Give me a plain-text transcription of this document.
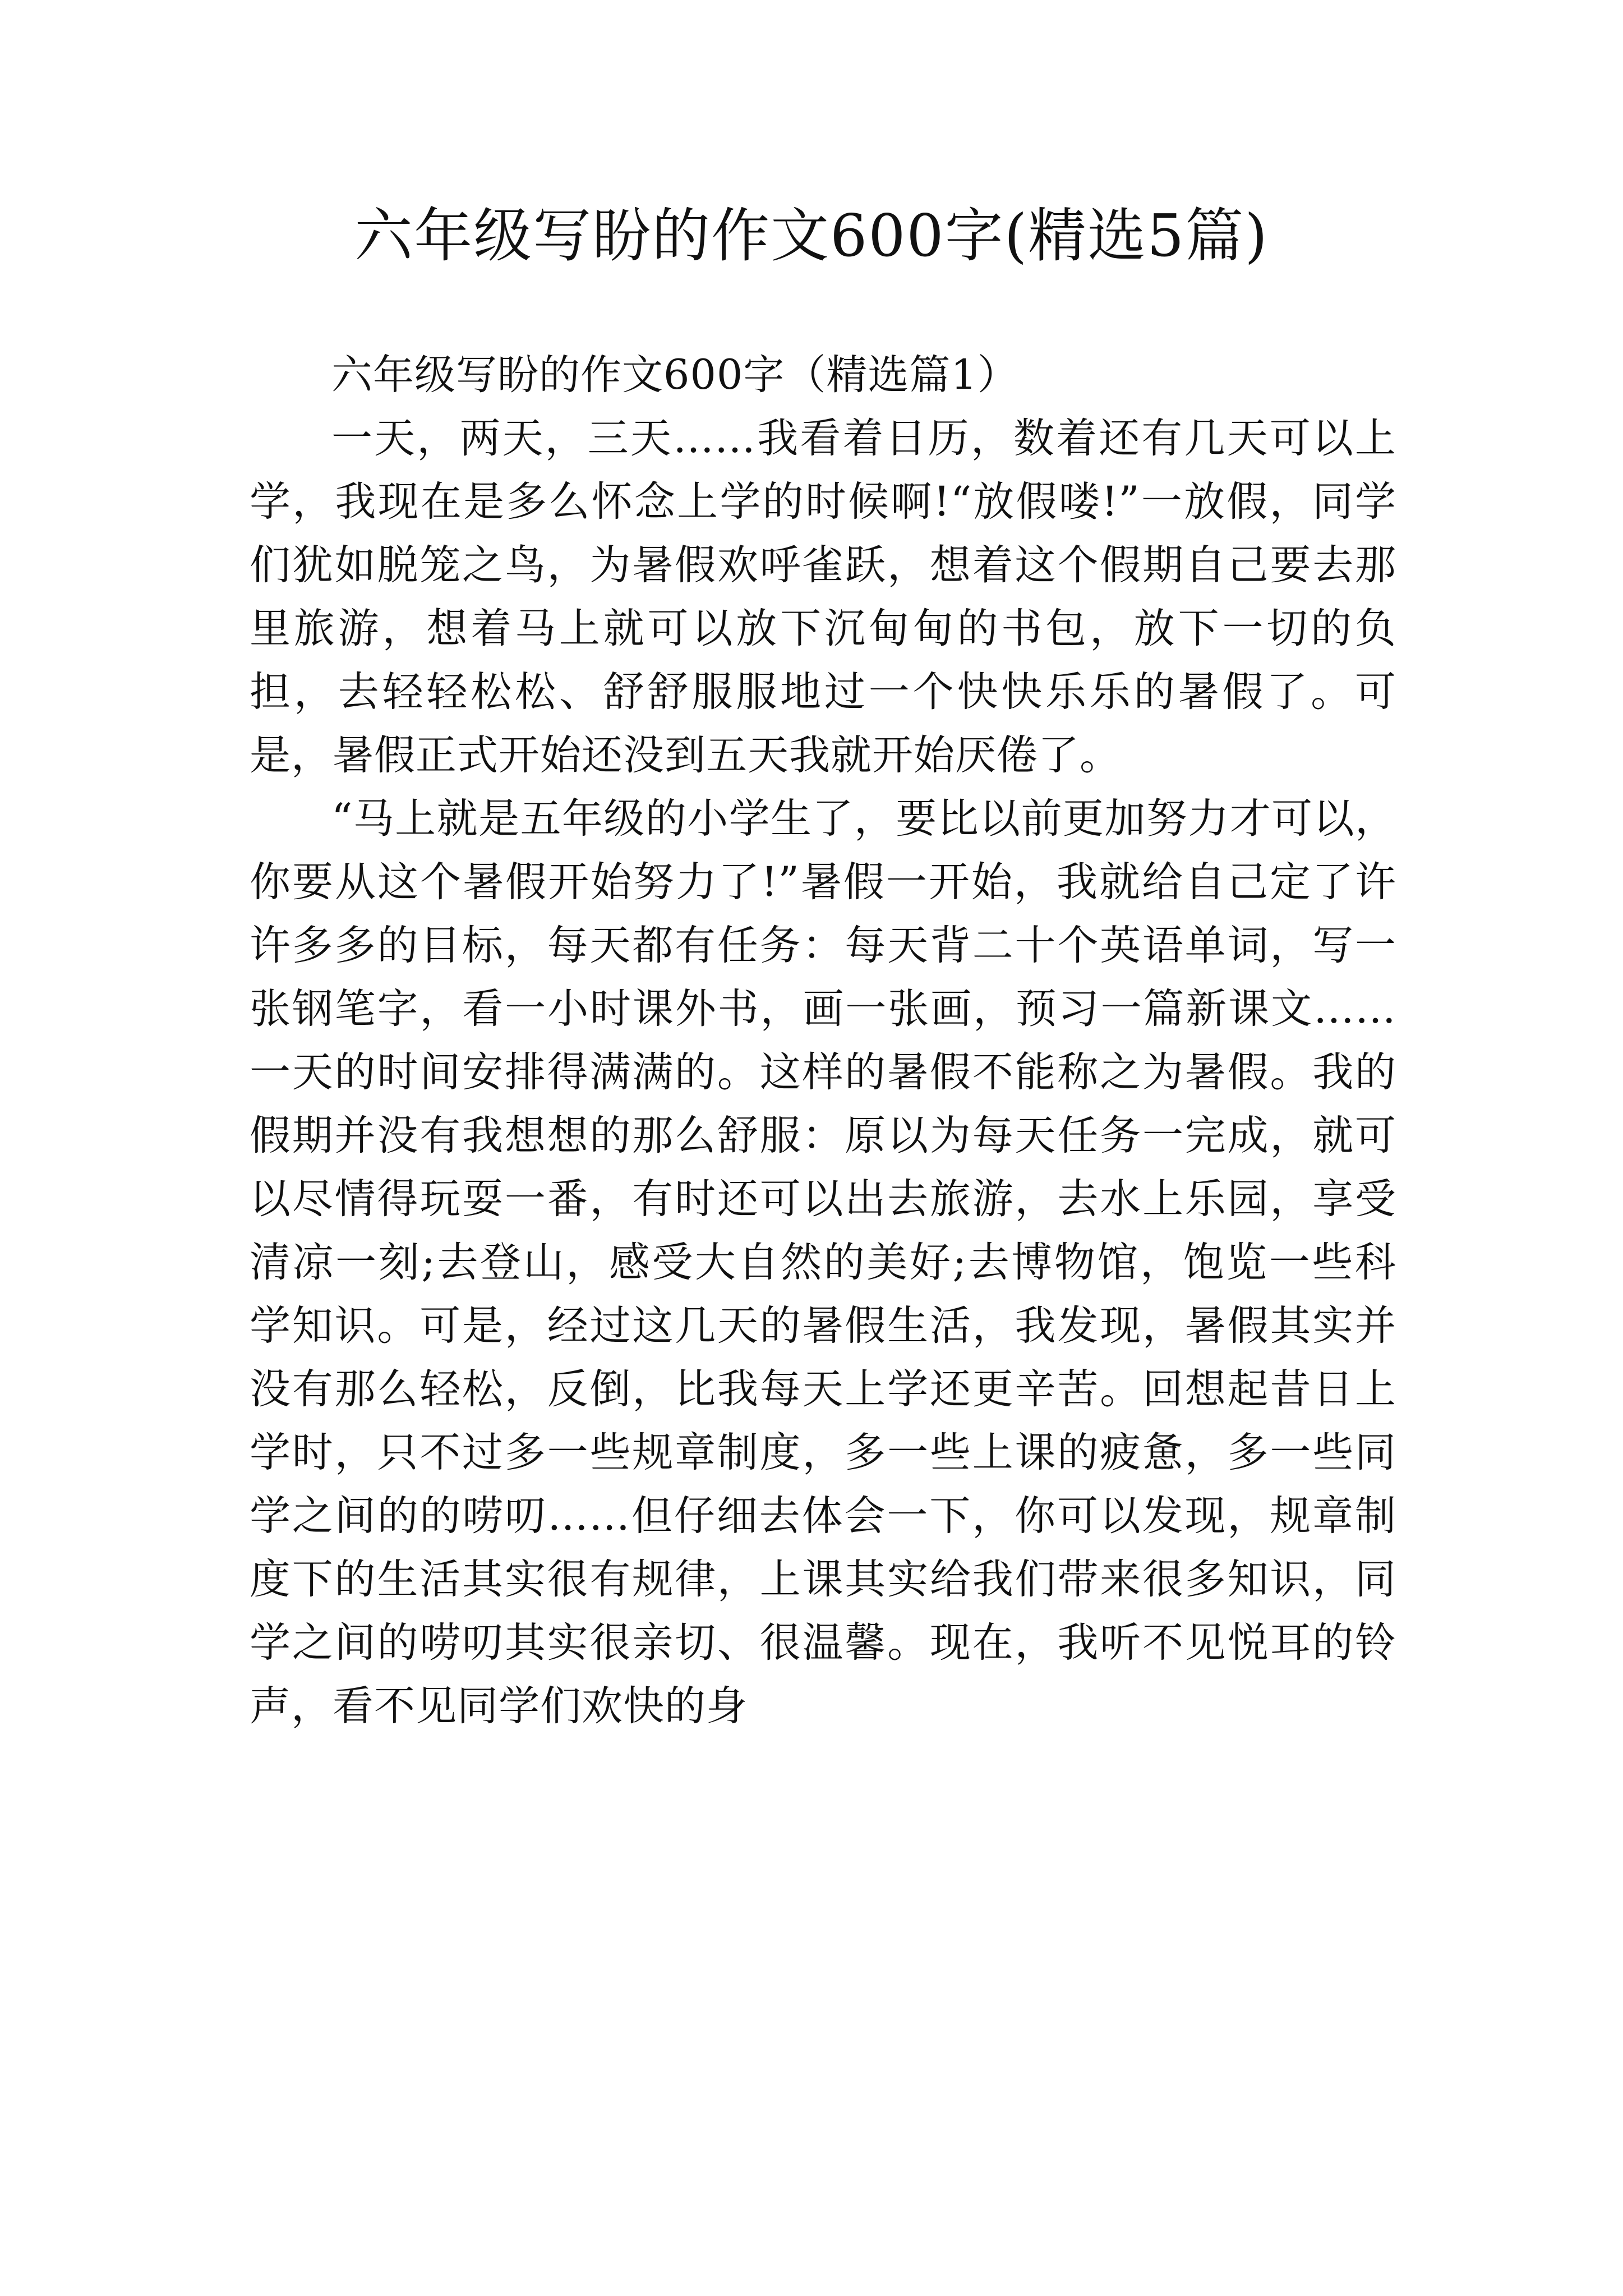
六年级写盼的作文600字(精选5篇)

六年级写盼的作文600字（精选篇1）

一天，两天，三天……我看着日历，数着还有几天可以上学，我现在是多么怀念上学的时候啊!“放假喽!”一放假，同学们犹如脱笼之鸟，为暑假欢呼雀跃，想着这个假期自己要去那里旅游，想着马上就可以放下沉甸甸的书包，放下一切的负担，去轻轻松松、舒舒服服地过一个快快乐乐的暑假了。可是，暑假正式开始还没到五天我就开始厌倦了。

“马上就是五年级的小学生了，要比以前更加努力才可以，你要从这个暑假开始努力了!”暑假一开始，我就给自己定了许许多多的目标，每天都有任务：每天背二十个英语单词，写一张钢笔字，看一小时课外书，画一张画，预习一篇新课文……一天的时间安排得满满的。这样的暑假不能称之为暑假。我的假期并没有我想想的那么舒服：原以为每天任务一完成，就可以尽情得玩耍一番，有时还可以出去旅游，去水上乐园，享受清凉一刻;去登山，感受大自然的美好;去博物馆，饱览一些科学知识。可是，经过这几天的暑假生活，我发现，暑假其实并没有那么轻松，反倒，比我每天上学还更辛苦。回想起昔日上学时，只不过多一些规章制度，多一些上课的疲惫，多一些同学之间的的唠叨……但仔细去体会一下，你可以发现，规章制度下的生活其实很有规律，上课其实给我们带来很多知识，同学之间的唠叨其实很亲切、很温馨。现在，我听不见悦耳的铃声，看不见同学们欢快的身
